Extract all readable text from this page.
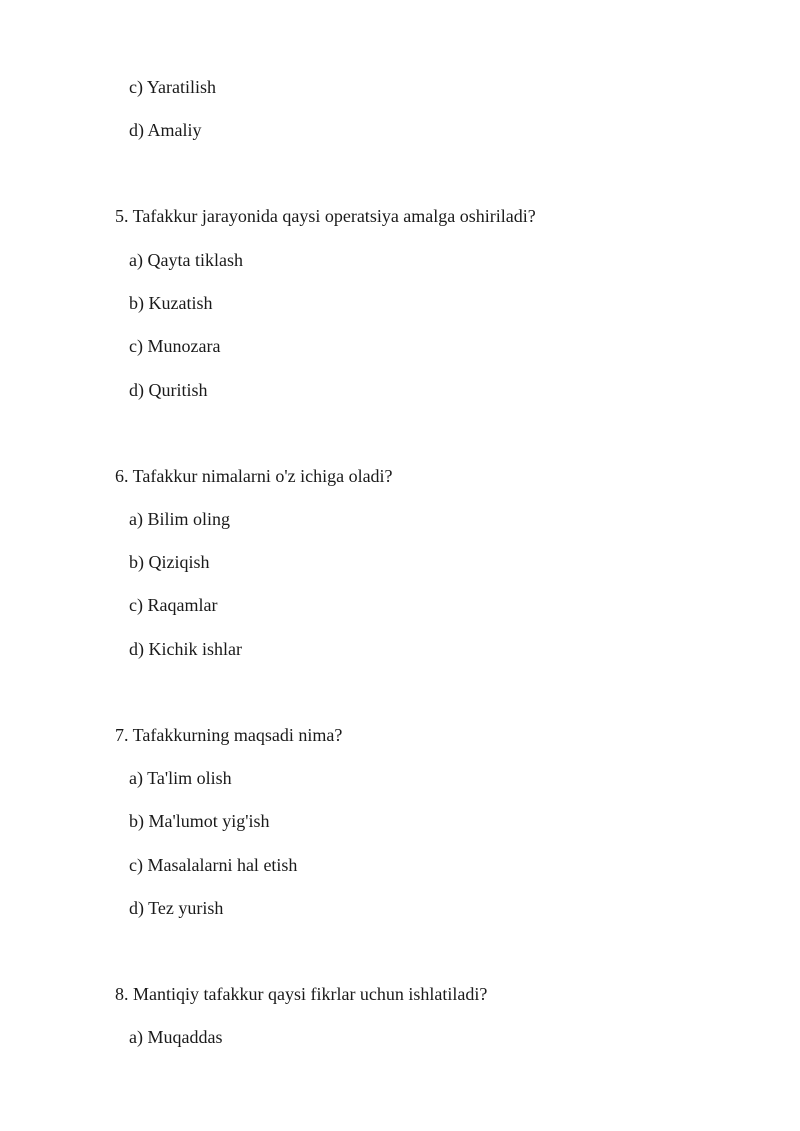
c) Yaratilish
d) Amaliy
5. Tafakkur jarayonida qaysi operatsiya amalga oshiriladi?
a) Qayta tiklash
b) Kuzatish
c) Munozara
d) Quritish
6. Tafakkur nimalarni o'z ichiga oladi?
a) Bilim oling
b) Qiziqish
c) Raqamlar
d) Kichik ishlar
7. Tafakkurning maqsadi nima?
a) Ta'lim olish
b) Ma'lumot yig'ish
c) Masalalarni hal etish
d) Tez yurish
8. Mantiqiy tafakkur qaysi fikrlar uchun ishlatiladi?
a) Muqaddas
